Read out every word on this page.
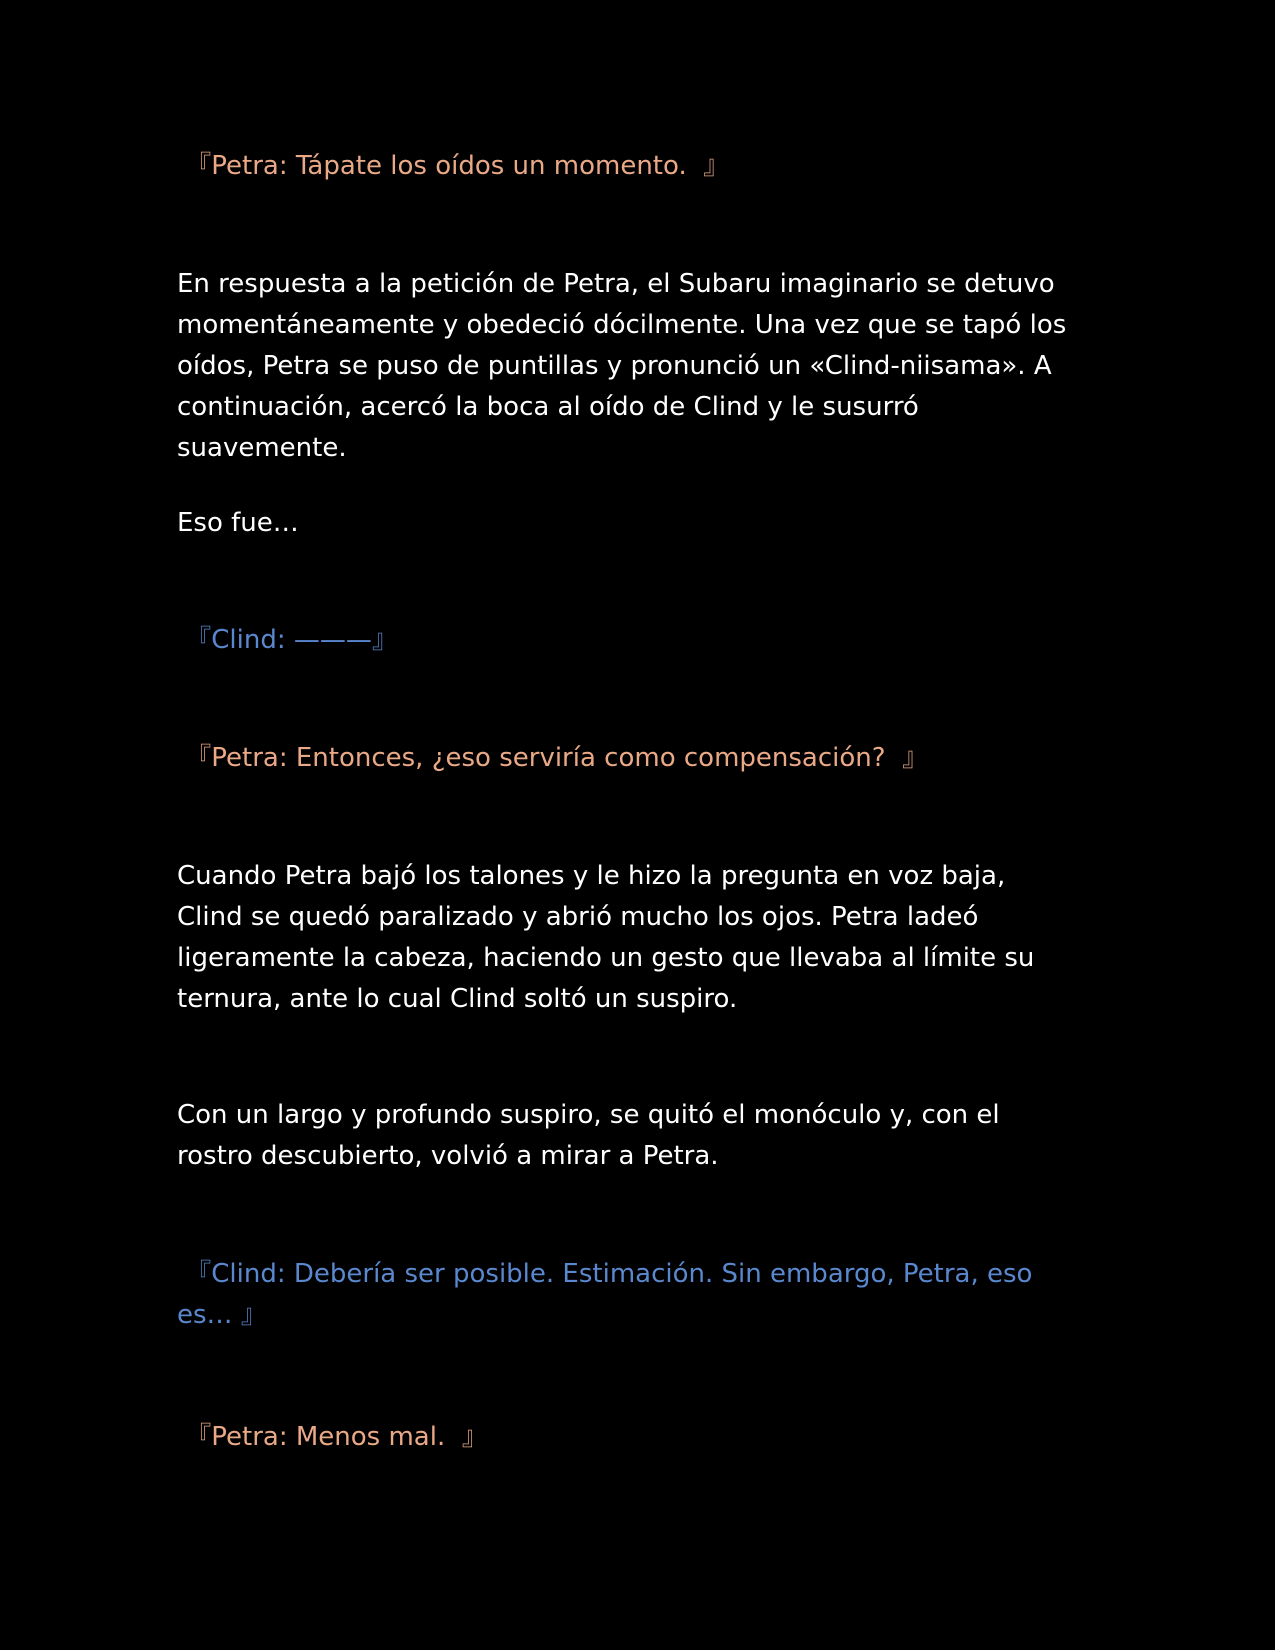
『Petra: Tápate los oídos un momento.  』

En respuesta a la petición de Petra, el Subaru imaginario se detuvo momentáneamente y obedeció dócilmente. Una vez que se tapó los oídos, Petra se puso de puntillas y pronunció un «Clind-niisama». A continuación, acercó la boca al oído de Clind y le susurró suavemente.

Eso fue…

『Clind: ———』

『Petra: Entonces, ¿eso serviría como compensación?  』

Cuando Petra bajó los talones y le hizo la pregunta en voz baja, Clind se quedó paralizado y abrió mucho los ojos. Petra ladeó ligeramente la cabeza, haciendo un gesto que llevaba al límite su ternura, ante lo cual Clind soltó un suspiro.

Con un largo y profundo suspiro, se quitó el monóculo y, con el rostro descubierto, volvió a mirar a Petra.

『Clind: Debería ser posible. Estimación. Sin embargo, Petra, eso es… 』

『Petra: Menos mal.  』
